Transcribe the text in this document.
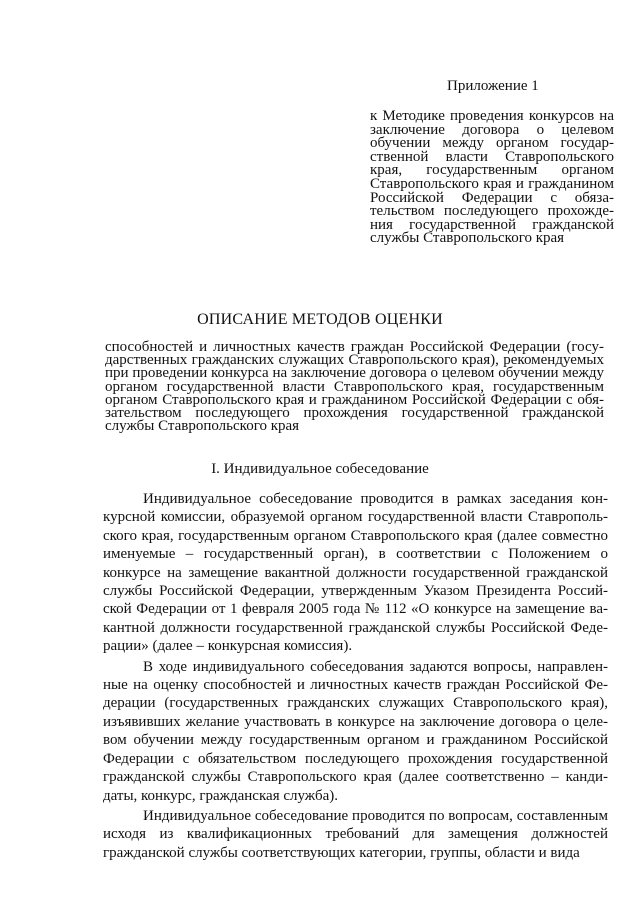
Приложение 1
к Методике проведения конкурсов на заключение договора о целевом обучении между органом государственной власти Ставропольского края, государственным органом Ставропольского края и гражданином Российской Федерации с обязательством последующего прохождения государственной гражданской службы Ставропольского края
ОПИСАНИЕ МЕТОДОВ ОЦЕНКИ
способностей и личностных качеств граждан Российской Федерации (государственных гражданских служащих Ставропольского края), рекомендуемых при проведении конкурса на заключение договора о целевом обучении между органом государственной власти Ставропольского края, государственным органом Ставропольского края и гражданином Российской Федерации с обязательством последующего прохождения государственной гражданской службы Ставропольского края
I. Индивидуальное собеседование

Индивидуальное собеседование проводится в рамках заседания конкурсной комиссии, образуемой органом государственной власти Ставропольского края, государственным органом Ставропольского края (далее совместно именуемые – государственный орган), в соответствии с Положением о конкурсе на замещение вакантной должности государственной гражданской службы Российской Федерации, утвержденным Указом Президента Российской Федерации от 1 февраля 2005 года № 112 «О конкурсе на замещение вакантной должности государственной гражданской службы Российской Федерации» (далее – конкурсная комиссия).

В ходе индивидуального собеседования задаются вопросы, направленные на оценку способностей и личностных качеств граждан Российской Федерации (государственных гражданских служащих Ставропольского края), изъявивших желание участвовать в конкурсе на заключение договора о целевом обучении между государственным органом и гражданином Российской Федерации с обязательством последующего прохождения государственной гражданской службы Ставропольского края (далее соответственно – кандидаты, конкурс, гражданская служба).

Индивидуальное собеседование проводится по вопросам, составленным исходя из квалификационных требований для замещения должностей гражданской службы соответствующих категории, группы, области и вида
